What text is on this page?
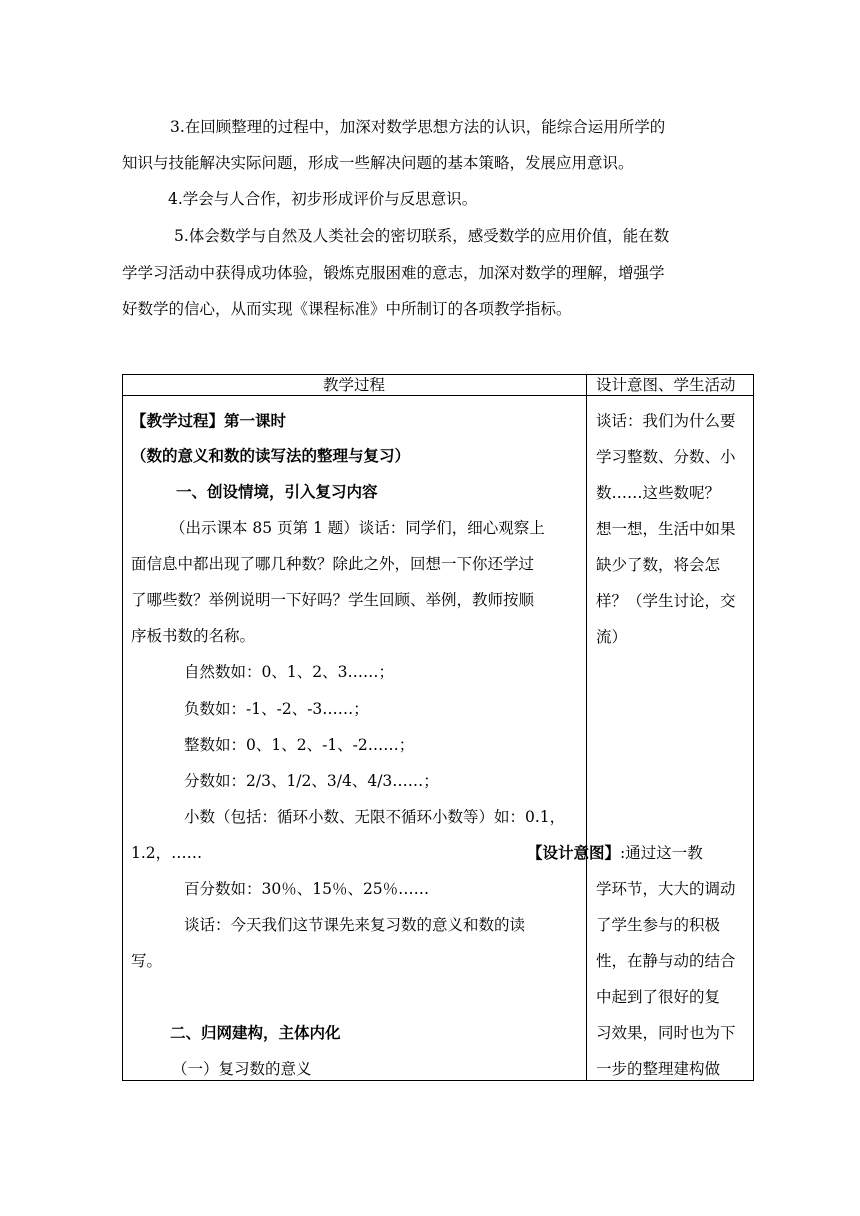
3.在回顾整理的过程中，加深对数学思想方法的认识，能综合运用所学的
知识与技能解决实际问题，形成一些解决问题的基本策略，发展应用意识。
4.学会与人合作，初步形成评价与反思意识。
5.体会数学与自然及人类社会的密切联系，感受数学的应用价值，能在数
学学习活动中获得成功体验，锻炼克服困难的意志，加深对数学的理解，增强学
好数学的信心，从而实现《课程标准》中所制订的各项教学指标。
教学过程	设计意图、学生活动
【教学过程】第一课时
（数的意义和数的读写法的整理与复习）
一、创设情境，引入复习内容
（出示课本 85 页第 1 题）谈话：同学们，细心观察上
面信息中都出现了哪几种数？除此之外，回想一下你还学过
了哪些数？举例说明一下好吗？学生回顾、举例，教师按顺
序板书数的名称。
自然数如：0、1、2、3……；
负数如：-1、-2、-3……；
整数如：0、1、2、-1、-2……；
分数如：2/3、1/2、3/4、4/3……；
小数（包括：循环小数、无限不循环小数等）如：0.1，
1.2，……
百分数如：30％、15％、25％……
谈话：今天我们这节课先来复习数的意义和数的读
写。
二、归网建构，主体内化
（一）复习数的意义
谈话：我们为什么要
学习整数、分数、小
数……这些数呢？
想一想，生活中如果
缺少了数，将会怎
样？（学生讨论，交
流）
【设计意图】:通过这一教
学环节，大大的调动
了学生参与的积极
性，在静与动的结合
中起到了很好的复
习效果，同时也为下
一步的整理建构做
